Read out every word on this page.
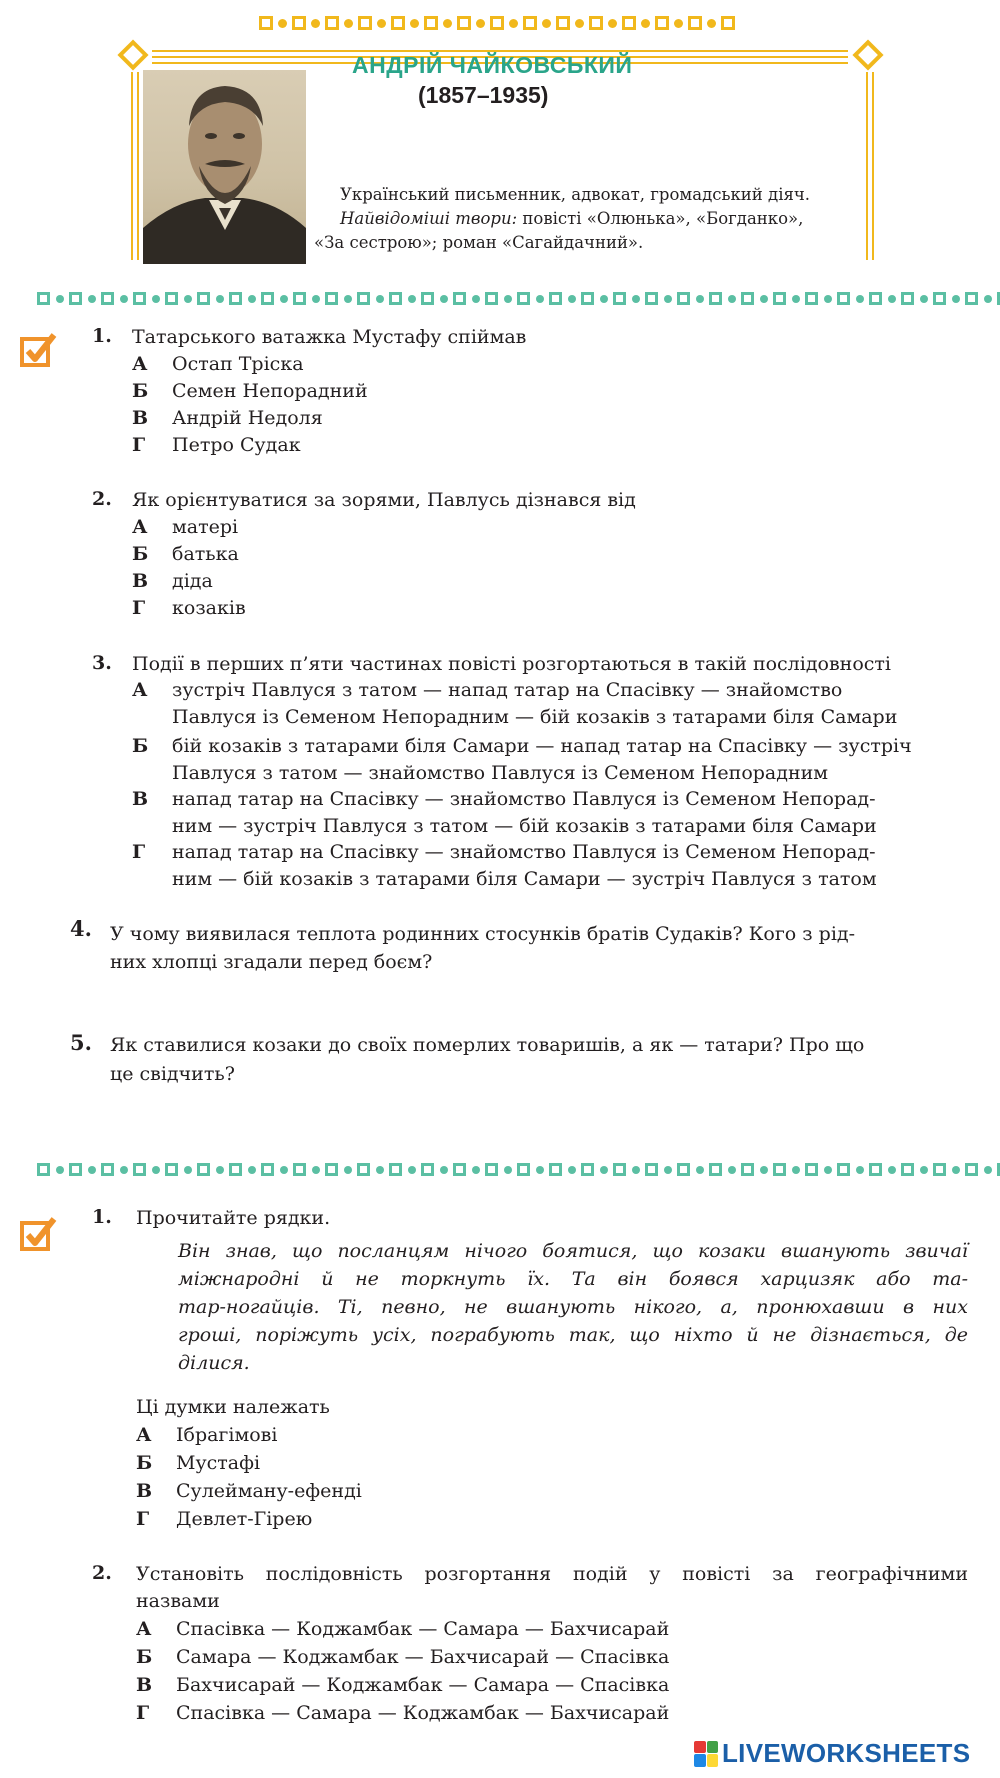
АНДРІЙ ЧАЙКОВСЬКИЙ
(1857–1935)
Український письменник, адвокат, громадський діяч.
Найвідоміші твори: повісті «Олюнька», «Богданко»,
«За сестрою»; роман «Сагайдачний».
1. Татарського ватажка Мустафу спіймав
А	Остап Тріска
Б	Семен Непорадний
В	Андрій Недоля
Г	Петро Судак
2. Як орієнтуватися за зорями, Павлусь дізнався від
А	матері
Б	батька
В	діда
Г	козаків
3. Події в перших п’яти частинах повісті розгортаються в такій послідовності
А	зустріч Павлуся з татом — напад татар на Спасівку — знайомство
Павлуся із Семеном Непорадним — бій козаків з татарами біля Самари
Б	бій козаків з татарами біля Самари — напад татар на Спасівку — зустріч
Павлуся з татом — знайомство Павлуся із Семеном Непорадним
В	напад татар на Спасівку — знайомство Павлуся із Семеном Непорад-
ним — зустріч Павлуся з татом — бій козаків з татарами біля Самари
Г	напад татар на Спасівку — знайомство Павлуся із Семеном Непорад-
ним — бій козаків з татарами біля Самари — зустріч Павлуся з татом
4. У чому виявилася теплота родинних стосунків братів Судаків? Кого з рід-
них хлопці згадали перед боєм?
5. Як ставилися козаки до своїх померлих товаришів, а як — татари? Про що
це свідчить?
1. Прочитайте рядки.
Він знав, що посланцям нічого боятися, що козаки вшанують звичаї
міжнародні й не торкнуть їх. Та він боявся харцизяк або та-
тар-ногайців. Ті, певно, не вшанують нікого, а, пронюхавши в них
гроші, поріжуть усіх, пограбують так, що ніхто й не дізнається, де
ділися.
Ці думки належать
А	Ібрагімові
Б	Мустафі
В	Сулейману-ефенді
Г	Девлет-Гірею
2. Установіть послідовність розгортання подій у повісті за географічними
назвами
А	Спасівка — Коджамбак — Самара — Бахчисарай
Б	Самара — Коджамбак — Бахчисарай — Спасівка
В	Бахчисарай — Коджамбак — Самара — Спасівка
Г	Спасівка — Самара — Коджамбак — Бахчисарай
LIVEWORKSHEETS
